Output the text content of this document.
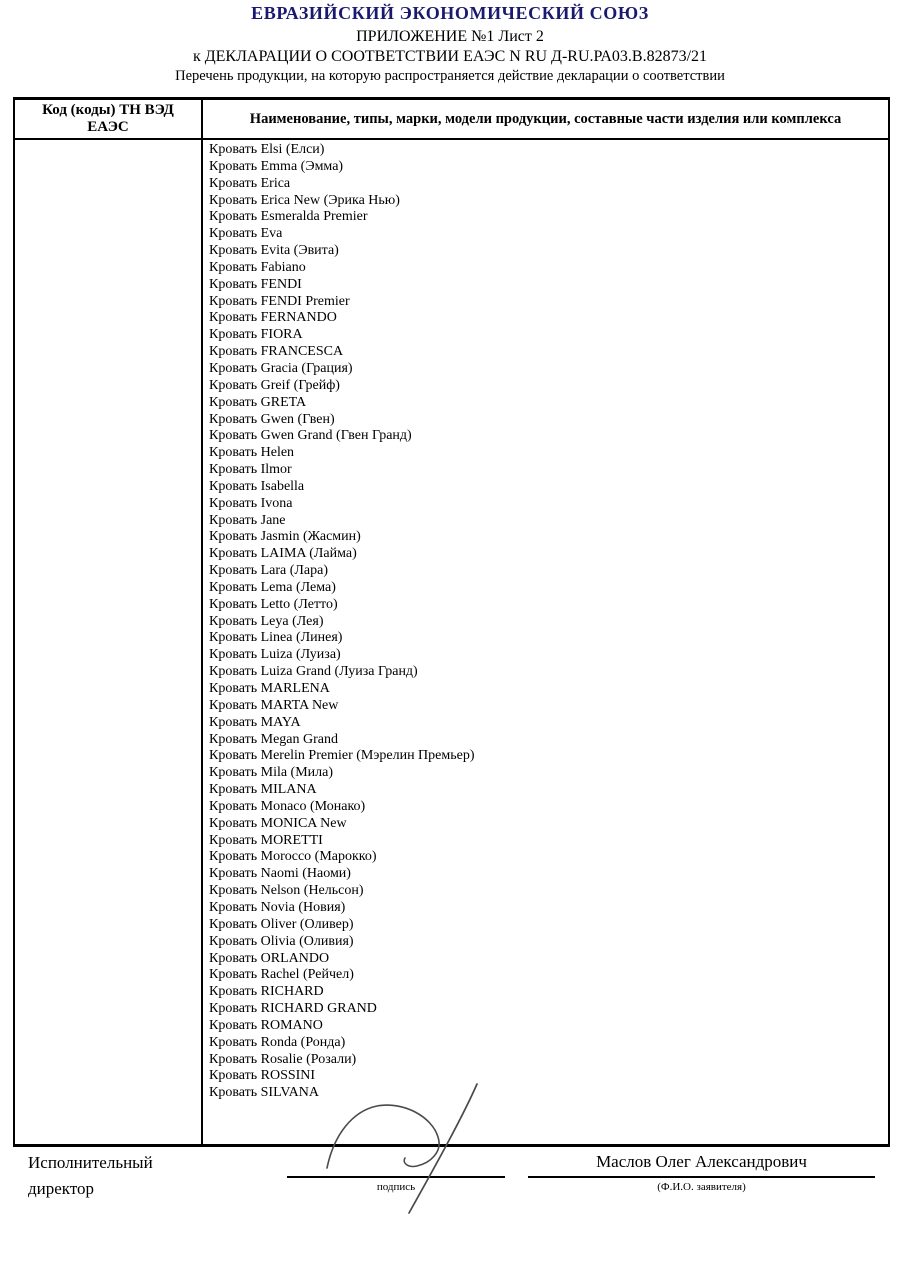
ЕВРАЗИЙСКИЙ ЭКОНОМИЧЕСКИЙ СОЮЗ
ПРИЛОЖЕНИЕ №1 Лист 2
к ДЕКЛАРАЦИИ О СООТВЕТСТВИИ ЕАЭС N RU Д-RU.РА03.В.82873/21
Перечень продукции, на которую распространяется действие декларации о соответствии
Код (коды) ТН ВЭД
ЕАЭС
Наименование, типы, марки, модели продукции, составные части изделия или комплекса
Кровать Elsi (Елси)
Кровать Emma (Эмма)
Кровать Erica
Кровать Erica New (Эрика Нью)
Кровать Esmeralda Premier
Кровать Eva
Кровать Evita (Эвита)
Кровать Fabiano
Кровать FENDI
Кровать FENDI Premier
Кровать FERNANDO
Кровать FIORA
Кровать FRANCESCA
Кровать Gracia (Грация)
Кровать Greif (Грейф)
Кровать GRETA
Кровать Gwen (Гвен)
Кровать Gwen Grand (Гвен Гранд)
Кровать Helen
Кровать Ilmor
Кровать Isabella
Кровать Ivona
Кровать Jane
Кровать Jasmin (Жасмин)
Кровать LAIMA (Лайма)
Кровать Lara (Лара)
Кровать Lema (Лема)
Кровать Letto (Летто)
Кровать Leya (Лея)
Кровать Linea (Линея)
Кровать Luiza (Луиза)
Кровать Luiza Grand (Луиза Гранд)
Кровать MARLENA
Кровать MARTA New
Кровать MAYA
Кровать Megan Grand
Кровать Merelin Premier (Мэрелин Премьер)
Кровать Mila (Мила)
Кровать MILANA
Кровать Monaco (Монако)
Кровать MONICA New
Кровать MORETTI
Кровать Morocco (Марокко)
Кровать Naomi (Наоми)
Кровать Nelson (Нельсон)
Кровать Novia (Новия)
Кровать Oliver (Оливер)
Кровать Olivia (Оливия)
Кровать ORLANDO
Кровать Rachel (Рейчел)
Кровать RICHARD
Кровать RICHARD GRAND
Кровать ROMANO
Кровать Ronda (Ронда)
Кровать Rosalie (Розали)
Кровать ROSSINI
Кровать SILVANA
Исполнительный
директор	подпись
Маслов Олег Александрович
(Ф.И.О. заявителя)
